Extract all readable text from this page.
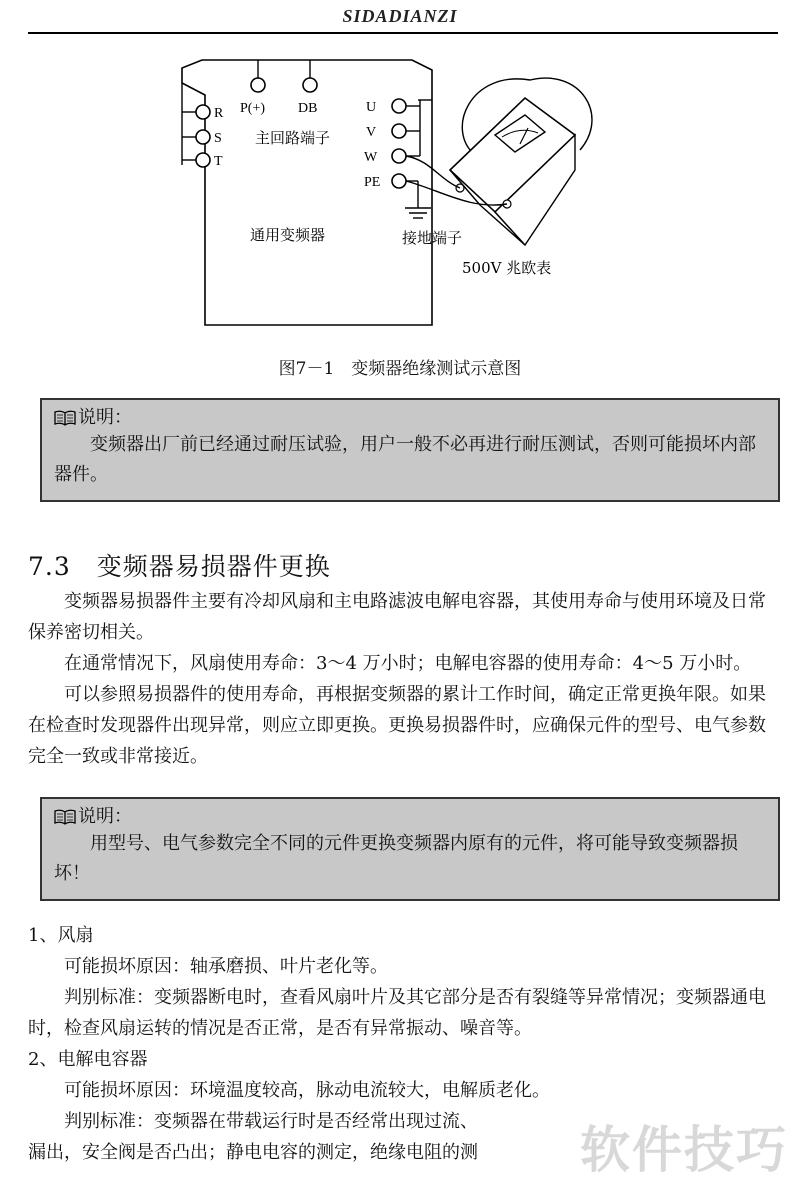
SIDADIANZI
P(+) DB
R
S
T
U
V
W
PE
主回路端子
通用变频器	接地端子
500V 兆欧表
图7－1　变频器绝缘测试示意图
说明：

变频器出厂前已经通过耐压试验，用户一般不必再进行耐压测试，否则可能损坏内部器件。

7.3　变频器易损器件更换

变频器易损器件主要有冷却风扇和主电路滤波电解电容器，其使用寿命与使用环境及日常保养密切相关。

在通常情况下，风扇使用寿命：3～4 万小时；电解电容器的使用寿命：4～5 万小时。

可以参照易损器件的使用寿命，再根据变频器的累计工作时间，确定正常更换年限。如果在检查时发现器件出现异常，则应立即更换。更换易损器件时，应确保元件的型号、电气参数完全一致或非常接近。

说明：

用型号、电气参数完全不同的元件更换变频器内原有的元件，将可能导致变频器损坏！

1、风扇

可能损坏原因：轴承磨损、叶片老化等。

判别标准：变频器断电时，查看风扇叶片及其它部分是否有裂缝等异常情况；变频器通电时，检查风扇运转的情况是否正常，是否有异常振动、噪音等。

2、电解电容器

可能损坏原因：环境温度较高，脉动电流较大，电解质老化。

判别标准：变频器在带载运行时是否经常出现过流、

漏出，安全阀是否凸出；静电电容的测定，绝缘电阻的测	软件技巧
